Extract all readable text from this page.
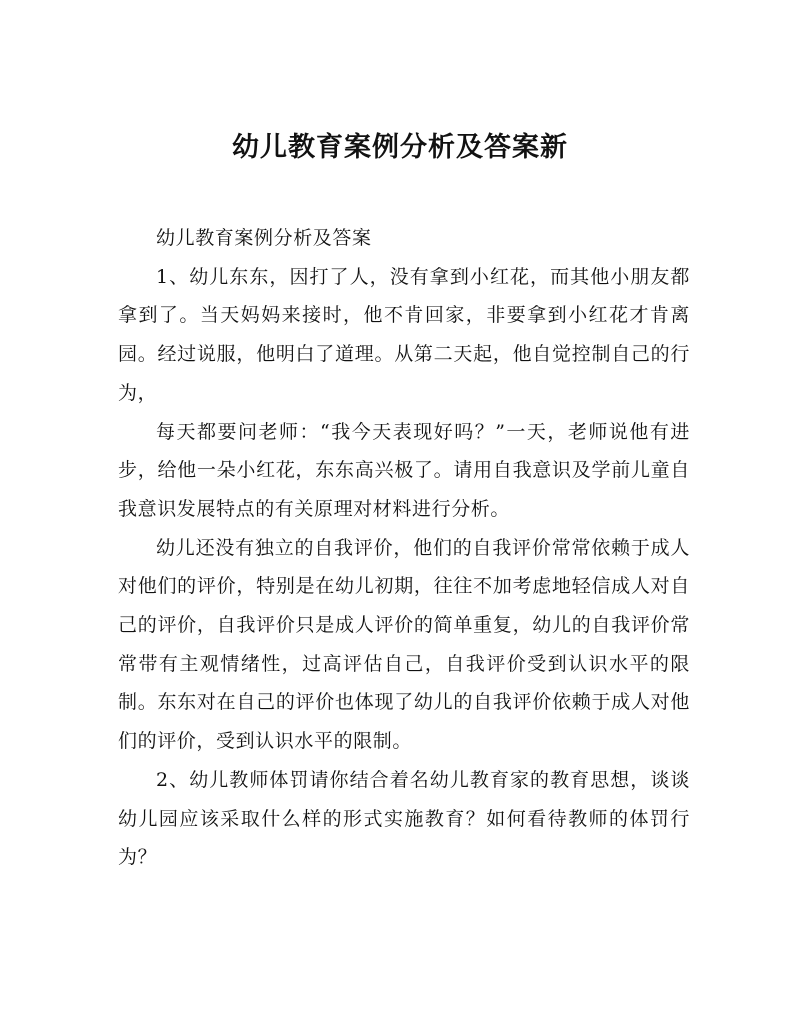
幼儿教育案例分析及答案新

幼儿教育案例分析及答案

1、幼儿东东，因打了人，没有拿到小红花，而其他小朋友都拿到了。当天妈妈来接时，他不肯回家，非要拿到小红花才肯离园。经过说服，他明白了道理。从第二天起，他自觉控制自己的行为，

每天都要问老师：“我今天表现好吗？”一天，老师说他有进步，给他一朵小红花，东东高兴极了。请用自我意识及学前儿童自我意识发展特点的有关原理对材料进行分析。

幼儿还没有独立的自我评价，他们的自我评价常常依赖于成人对他们的评价，特别是在幼儿初期，往往不加考虑地轻信成人对自己的评价，自我评价只是成人评价的简单重复，幼儿的自我评价常常带有主观情绪性，过高评估自己，自我评价受到认识水平的限制。东东对在自己的评价也体现了幼儿的自我评价依赖于成人对他们的评价，受到认识水平的限制。

2、幼儿教师体罚请你结合着名幼儿教育家的教育思想，谈谈幼儿园应该采取什么样的形式实施教育？如何看待教师的体罚行为？
